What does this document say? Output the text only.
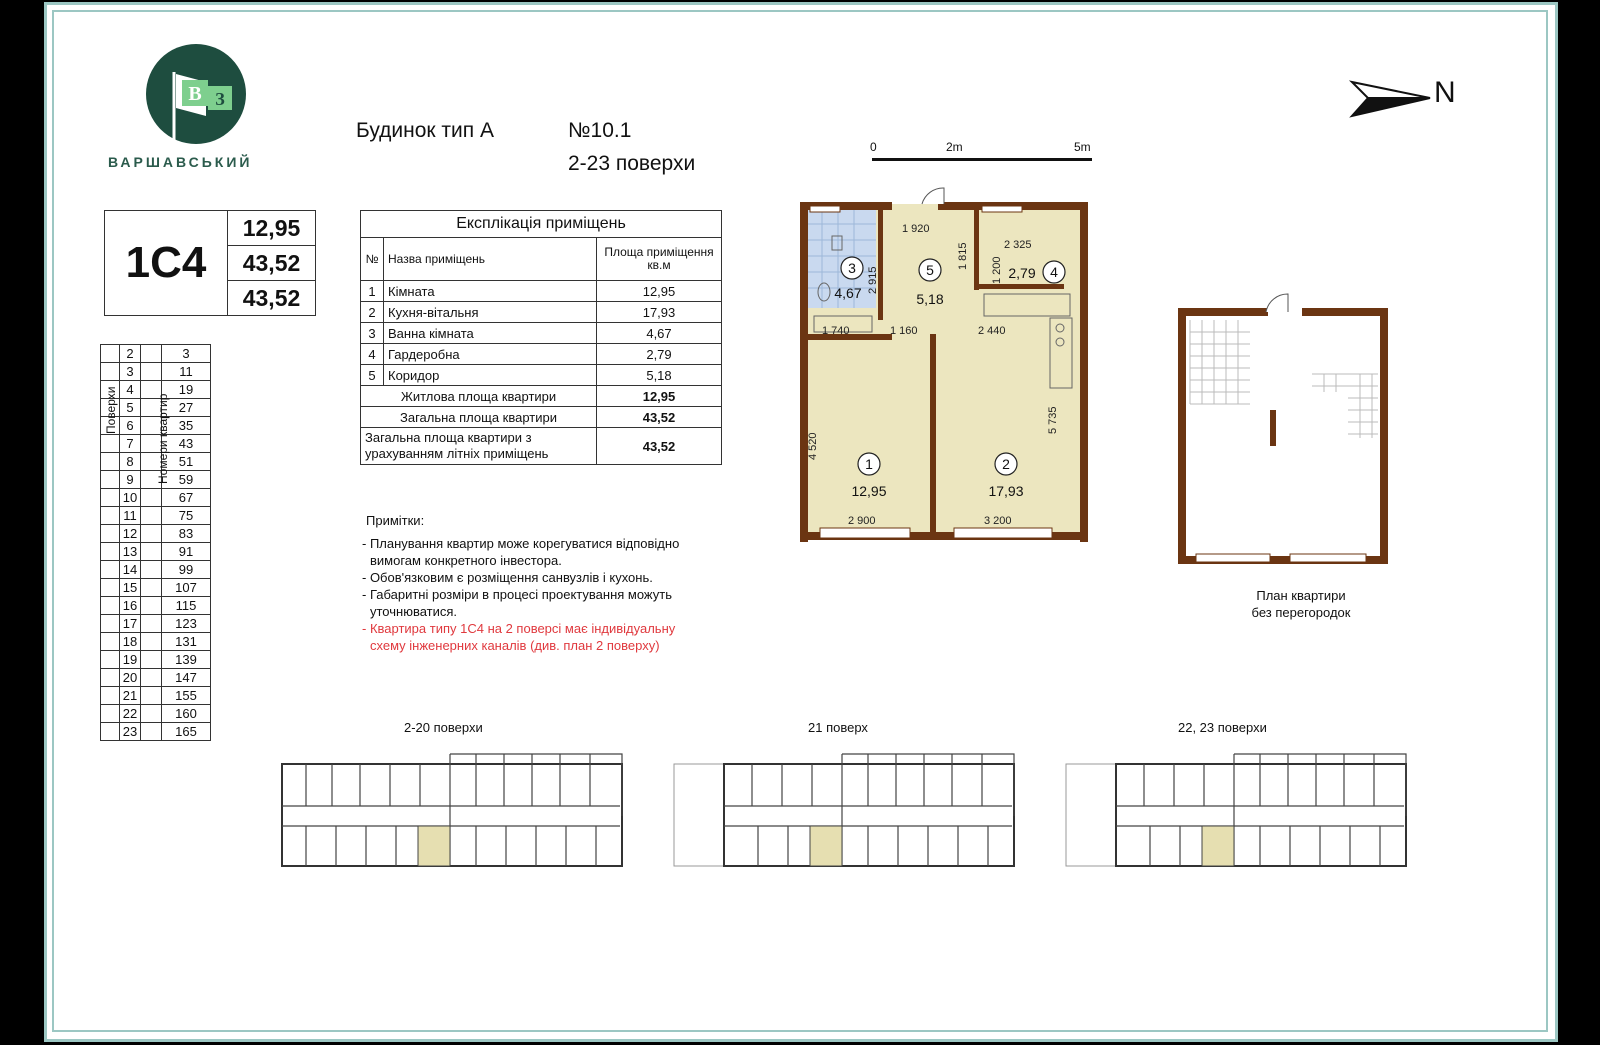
В З
ВАРШАВСЬКИЙ
Будинок тип А	№10.1
2-23 поверхи
0	2m	5m
N
1C4
12,95
43,52
43,52
	2		3
	3		11
	4		19
	5		27
	6		35
	7		43
	8		51
	9		59
	10		67
	11		75
	12		83
	13		91
	14		99
	15		107
	16		115
	17		123
	18		131
	19		139
	20		147
	21		155
	22		160
	23		165
Поверхи	Номери квартир
Експлікація приміщень		
№	Назва приміщень	Площа приміщення кв.м
1	Кімната	12,95
2	Кухня-вітальня	17,93
3	Ванна кімната	4,67
4	Гардеробна	2,79
5	Коридор	5,18
Житлова площа квартири		12,95
Загальна площа квартири		43,52
Загальна площа квартири з урахуванням літніх приміщень		43,52
Примітки:
- Планування квартир може корегуватися відповідно
вимогам конкретного інвестора.
- Обов'язковим є розміщення санвузлів і кухонь.
- Габаритні розміри в процесі проектування можуть
уточнюватися.
- Квартира типу 1С4 на 2 поверсі має індивідуальну
схему інженерних каналів (див. план 2 поверху)
1	2
3	4
5
12,95	17,93
4,67
2,79
5,18
1 920
2 325
1 815
1 200
2 915
1 740	1 160	2 440
5 735
4 520
2 900	3 200
План квартири
без перегородок
2-20 поверхи	21 поверх	22, 23 поверхи
